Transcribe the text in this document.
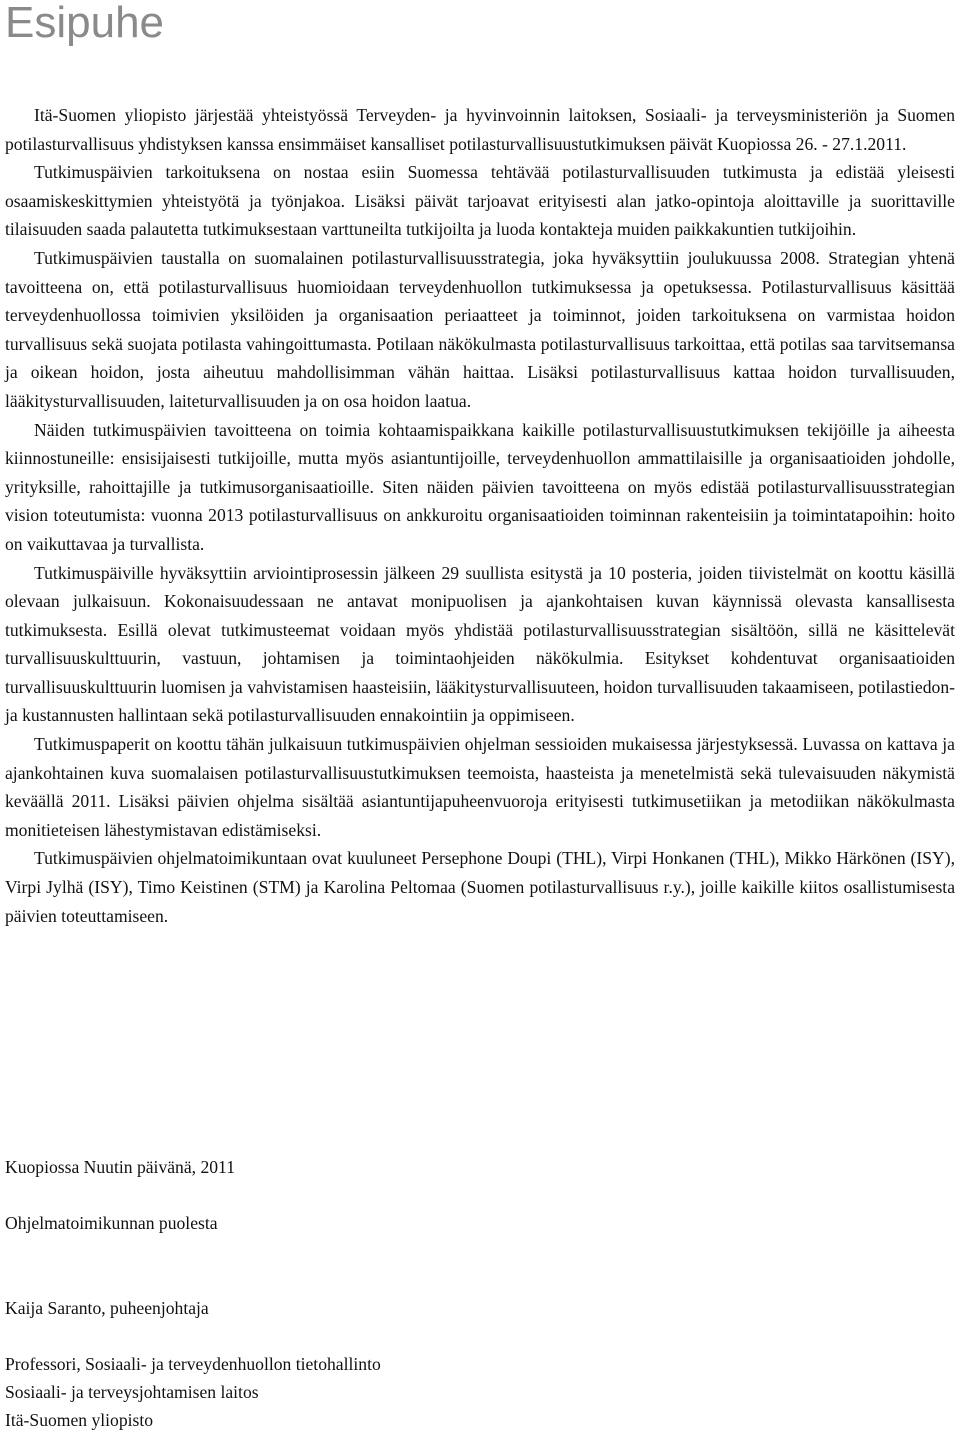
Esipuhe

Itä-Suomen yliopisto järjestää yhteistyössä Terveyden- ja hyvinvoinnin laitoksen, Sosiaali- ja terveysministeriön ja Suomen potilasturvallisuus yhdistyksen kanssa ensimmäiset kansalliset potilasturvallisuustutkimuksen päivät Kuopiossa 26. - 27.1.2011.

Tutkimuspäivien tarkoituksena on nostaa esiin Suomessa tehtävää potilasturvallisuuden tutkimusta ja edistää yleisesti osaamiskeskittymien yhteistyötä ja työnjakoa. Lisäksi päivät tarjoavat erityisesti alan jatko-opintoja aloittaville ja suorittaville tilaisuuden saada palautetta tutkimuksestaan varttuneilta tutkijoilta ja luoda kontakteja muiden paikkakuntien tutkijoihin.

Tutkimuspäivien taustalla on suomalainen potilasturvallisuusstrategia, joka hyväksyttiin joulukuussa 2008. Strategian yhtenä tavoitteena on, että potilasturvallisuus huomioidaan terveydenhuollon tutkimuksessa ja opetuksessa. Potilasturvallisuus käsittää terveydenhuollossa toimivien yksilöiden ja organisaation periaatteet ja toiminnot, joiden tarkoituksena on varmistaa hoidon turvallisuus sekä suojata potilasta vahingoittumasta. Potilaan näkökulmasta potilasturvallisuus tarkoittaa, että potilas saa tarvitsemansa ja oikean hoidon, josta aiheutuu mahdollisimman vähän haittaa. Lisäksi potilasturvallisuus kattaa hoidon turvallisuuden, lääkitysturvallisuuden, laiteturvallisuuden ja on osa hoidon laatua.

Näiden tutkimuspäivien tavoitteena on toimia kohtaamispaikkana kaikille potilasturvallisuustutkimuksen tekijöille ja aiheesta kiinnostuneille: ensisijaisesti tutkijoille, mutta myös asiantuntijoille, terveydenhuollon ammattilaisille ja organisaatioiden johdolle, yrityksille, rahoittajille ja tutkimusorganisaatioille. Siten näiden päivien tavoitteena on myös edistää potilasturvallisuusstrategian vision toteutumista: vuonna 2013 potilasturvallisuus on ankkuroitu organisaatioiden toiminnan rakenteisiin ja toimintatapoihin: hoito on vaikuttavaa ja turvallista.

Tutkimuspäiville hyväksyttiin arviointiprosessin jälkeen 29 suullista esitystä ja 10 posteria, joiden tiivistelmät on koottu käsillä olevaan julkaisuun. Kokonaisuudessaan ne antavat monipuolisen ja ajankohtaisen kuvan käynnissä olevasta kansallisesta tutkimuksesta. Esillä olevat tutkimusteemat voidaan myös yhdistää potilasturvallisuusstrategian sisältöön, sillä ne käsittelevät turvallisuuskulttuurin, vastuun, johtamisen ja toimintaohjeiden näkökulmia. Esitykset kohdentuvat organisaatioiden turvallisuuskulttuurin luomisen ja vahvistamisen haasteisiin, lääkitysturvallisuuteen, hoidon turvallisuuden takaamiseen, potilastiedon- ja kustannusten hallintaan sekä potilasturvallisuuden ennakointiin ja oppimiseen.

Tutkimuspaperit on koottu tähän julkaisuun tutkimuspäivien ohjelman sessioiden mukaisessa järjestyksessä. Luvassa on kattava ja ajankohtainen kuva suomalaisen potilasturvallisuustutkimuksen teemoista, haasteista ja menetelmistä sekä tulevaisuuden näkymistä keväällä 2011. Lisäksi päivien ohjelma sisältää asiantuntijapuheenvuoroja erityisesti tutkimusetiikan ja metodiikan näkökulmasta monitieteisen lähestymistavan edistämiseksi.

Tutkimuspäivien ohjelmatoimikuntaan ovat kuuluneet Persephone Doupi (THL), Virpi Honkanen (THL), Mikko Härkönen (ISY), Virpi Jylhä (ISY), Timo Keistinen (STM) ja Karolina Peltomaa (Suomen potilasturvallisuus r.y.), joille kaikille kiitos osallistumisesta päivien toteuttamiseen.

Kuopiossa Nuutin päivänä, 2011

Ohjelmatoimikunnan puolesta

Kaija Saranto, puheenjohtaja

Professori, Sosiaali- ja terveydenhuollon tietohallinto
Sosiaali- ja terveysjohtamisen laitos
Itä-Suomen yliopisto
